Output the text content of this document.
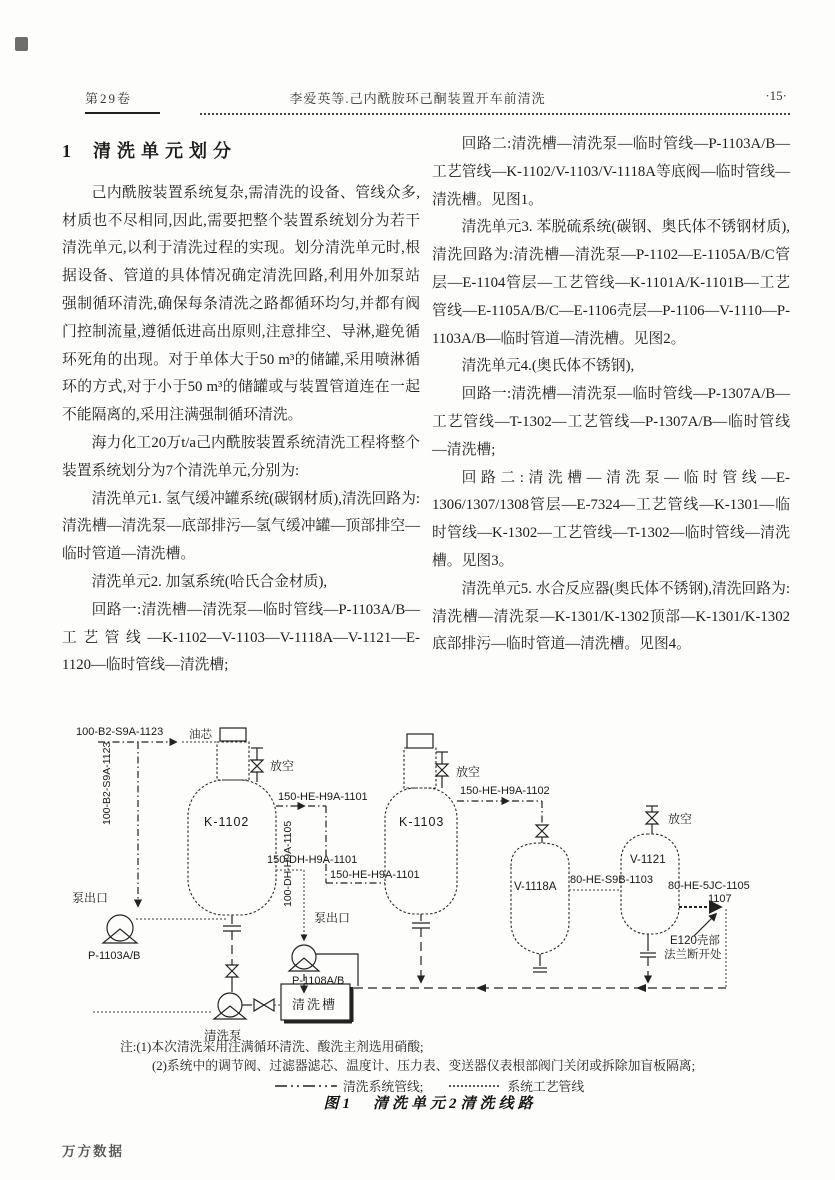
第29卷	李爱英等.己内酰胺环己酮装置开车前清洗	·15·
1 清洗单元划分

己内酰胺装置系统复杂,需清洗的设备、管线众多,材质也不尽相同,因此,需要把整个装置系统划分为若干清洗单元,以利于清洗过程的实现。划分清洗单元时,根据设备、管道的具体情况确定清洗回路,利用外加泵站强制循环清洗,确保每条清洗之路都循环均匀,并都有阀门控制流量,遵循低进高出原则,注意排空、导淋,避免循环死角的出现。对于单体大于50 m³的储罐,采用喷淋循环的方式,对于小于50 m³的储罐或与装置管道连在一起不能隔离的,采用注满强制循环清洗。

海力化工20万t/a己内酰胺装置系统清洗工程将整个装置系统划分为7个清洗单元,分别为:

清洗单元1. 氢气缓冲罐系统(碳钢材质),清洗回路为:清洗槽—清洗泵—底部排污—氢气缓冲罐—顶部排空—临时管道—清洗槽。

清洗单元2. 加氢系统(哈氏合金材质),

回路一:清洗槽—清洗泵—临时管线—P-1103A/B—工艺管线—K-1102—V-1103—V-1118A—V-1121—E-1120—临时管线—清洗槽;

回路二:清洗槽—清洗泵—临时管线—P-1103A/B—工艺管线—K-1102/V-1103/V-1118A等底阀—临时管线—清洗槽。见图1。

清洗单元3. 苯脱硫系统(碳钢、奥氏体不锈钢材质),清洗回路为:清洗槽—清洗泵—P-1102—E-1105A/B/C管层—E-1104管层—工艺管线—K-1101A/K-1101B—工艺管线—E-1105A/B/C—E-1106壳层—P-1106—V-1110—P-1103A/B—临时管道—清洗槽。见图2。

清洗单元4.(奥氏体不锈钢),

回路一:清洗槽—清洗泵—临时管线—P-1307A/B—工艺管线—T-1302—工艺管线—P-1307A/B—临时管线—清洗槽;

回路二:清洗槽—清洗泵—临时管线—E-1306/1307/1308管层—E-7324—工艺管线—K-1301—临时管线—K-1302—工艺管线—T-1302—临时管线—清洗槽。见图3。

清洗单元5. 水合反应器(奥氏体不锈钢),清洗回路为:清洗槽—清洗泵—K-1301/K-1302顶部—K-1301/K-1302底部排污—临时管道—清洗槽。见图4。

100-B2-S9A-1123 油芯
100-B2-S9A-1123
泵出口
P-1103A/B
K-1102
放空
清洗泵
清洗槽
150-HE-H9A-1101
150-HE-H9A-1101
150-DH-H9A-1101
100-DH-H9A-1105
泵出口
P-1108A/B
K-1103
放空
150-HE-H9A-1102
V-1118A
80-HE-S9B-1103
V-1121
放空
80-HE-5JC-1105
1107
E120壳部
法兰断开处
注:(1)本次清洗采用注满循环清洗、酸洗主剂选用硝酸;
(2)系统中的调节阀、过滤器滤芯、温度计、压力表、变送器仪表根部阀门关闭或拆除加盲板隔离;
清洗系统管线;	系统工艺管线
图1　清洗单元2清洗线路
万方数据
